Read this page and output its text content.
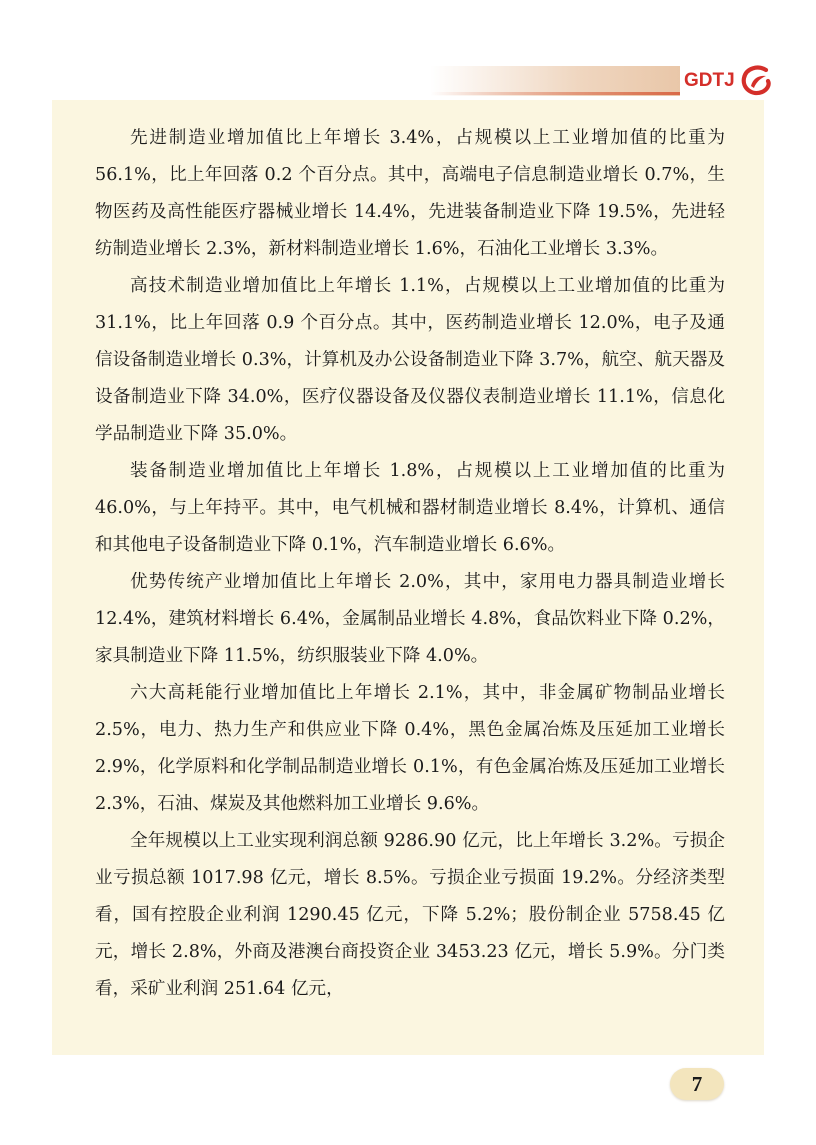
GDTJ

先进制造业增加值比上年增长 3.4%，占规模以上工业增加值的比重为 56.1%，比上年回落 0.2 个百分点。其中，高端电子信息制造业增长 0.7%，生物医药及高性能医疗器械业增长 14.4%，先进装备制造业下降 19.5%，先进轻纺制造业增长 2.3%，新材料制造业增长 1.6%，石油化工业增长 3.3%。

高技术制造业增加值比上年增长 1.1%，占规模以上工业增加值的比重为 31.1%，比上年回落 0.9 个百分点。其中，医药制造业增长 12.0%，电子及通信设备制造业增长 0.3%，计算机及办公设备制造业下降 3.7%，航空、航天器及设备制造业下降 34.0%，医疗仪器设备及仪器仪表制造业增长 11.1%，信息化学品制造业下降 35.0%。

装备制造业增加值比上年增长 1.8%，占规模以上工业增加值的比重为 46.0%，与上年持平。其中，电气机械和器材制造业增长 8.4%，计算机、通信和其他电子设备制造业下降 0.1%，汽车制造业增长 6.6%。

优势传统产业增加值比上年增长 2.0%，其中，家用电力器具制造业增长 12.4%，建筑材料增长 6.4%，金属制品业增长 4.8%，食品饮料业下降 0.2%，家具制造业下降 11.5%，纺织服装业下降 4.0%。

六大高耗能行业增加值比上年增长 2.1%，其中，非金属矿物制品业增长 2.5%，电力、热力生产和供应业下降 0.4%，黑色金属冶炼及压延加工业增长 2.9%，化学原料和化学制品制造业增长 0.1%，有色金属冶炼及压延加工业增长 2.3%，石油、煤炭及其他燃料加工业增长 9.6%。

全年规模以上工业实现利润总额 9286.90 亿元，比上年增长 3.2%。亏损企业亏损总额 1017.98 亿元，增长 8.5%。亏损企业亏损面 19.2%。分经济类型看，国有控股企业利润 1290.45 亿元，下降 5.2%；股份制企业 5758.45 亿元，增长 2.8%，外商及港澳台商投资企业 3453.23 亿元，增长 5.9%。分门类看，采矿业利润 251.64 亿元，

7
